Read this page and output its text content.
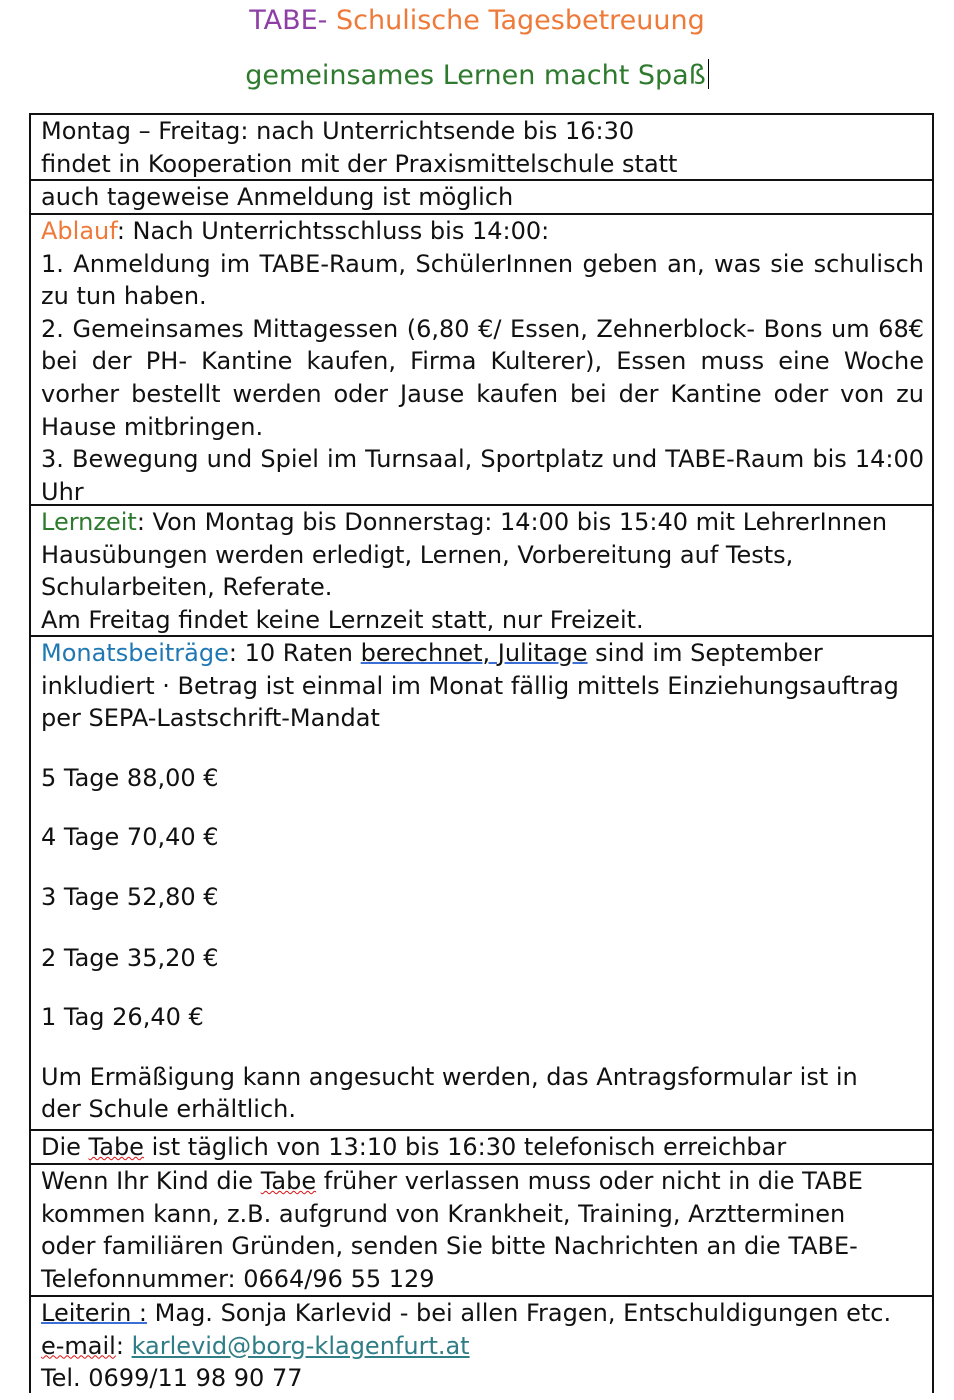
TABE- Schulische Tagesbetreuung
gemeinsames Lernen macht Spaß

Montag – Freitag: nach Unterrichtsende bis 16:30

findet in Kooperation mit der Praxismittelschule statt

auch tageweise Anmeldung ist möglich

Ablauf: Nach Unterrichtsschluss bis 14:00:

1. Anmeldung im TABE-Raum, SchülerInnen geben an, was sie schulisch zu tun haben.

2. Gemeinsames Mittagessen (6,80 €/ Essen, Zehnerblock- Bons um 68€ bei der PH- Kantine kaufen, Firma Kulterer), Essen muss eine Woche vorher bestellt werden oder Jause kaufen bei der Kantine oder von zu Hause mitbringen.

3. Bewegung und Spiel im Turnsaal, Sportplatz und TABE-Raum bis 14:00 Uhr

Lernzeit: Von Montag bis Donnerstag: 14:00 bis 15:40 mit LehrerInnen

Hausübungen werden erledigt, Lernen, Vorbereitung auf Tests,

Schularbeiten, Referate.

Am Freitag findet keine Lernzeit statt, nur Freizeit.

Monatsbeiträge: 10 Raten berechnet, Julitage sind im September inkludiert · Betrag ist einmal im Monat fällig mittels Einziehungsauftrag per SEPA-Lastschrift-Mandat

5 Tage 88,00 €

4 Tage 70,40 €

3 Tage 52,80 €

2 Tage 35,20 €

1 Tag 26,40 €

Um Ermäßigung kann angesucht werden, das Antragsformular ist in der Schule erhältlich.

Die Tabe ist täglich von 13:10 bis 16:30 telefonisch erreichbar

Wenn Ihr Kind die Tabe früher verlassen muss oder nicht in die TABE kommen kann, z.B. aufgrund von Krankheit, Training, Arztterminen oder familiären Gründen, senden Sie bitte Nachrichten an die TABE-Telefonnummer: 0664/96 55 129

Leiterin : Mag. Sonja Karlevid - bei allen Fragen, Entschuldigungen etc.

e-mail: karlevid@borg-klagenfurt.at

Tel. 0699/11 98 90 77
